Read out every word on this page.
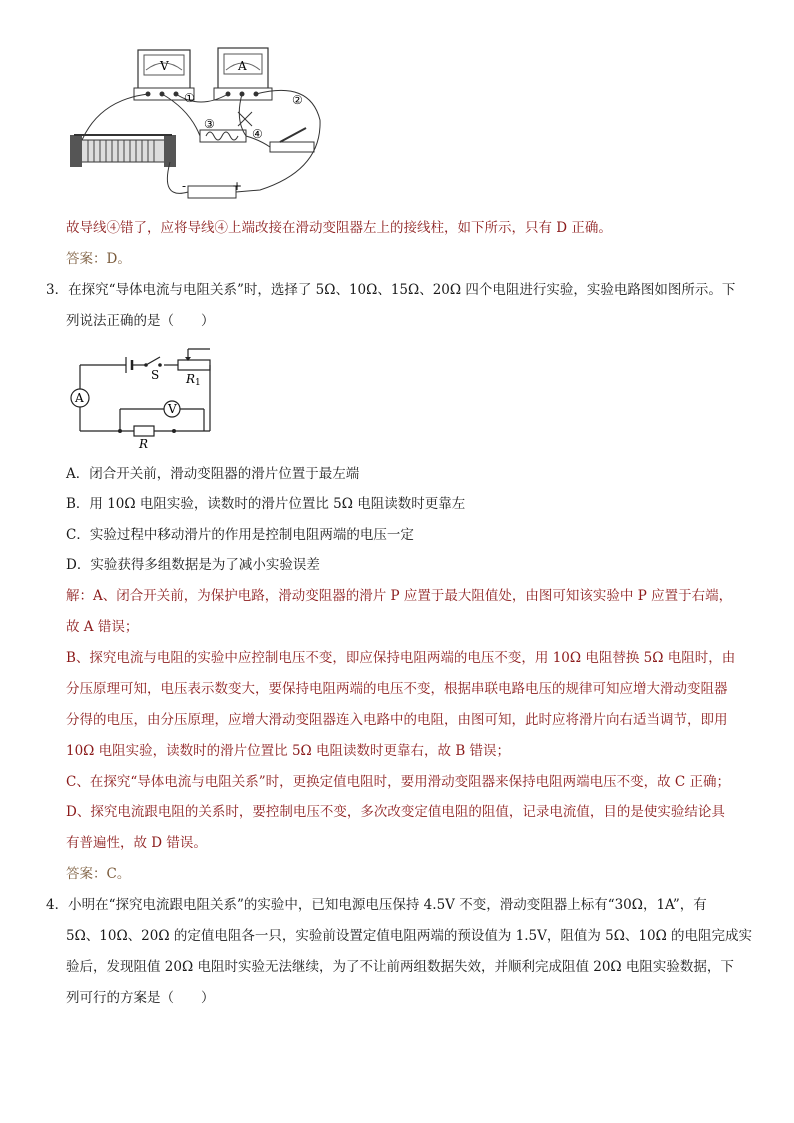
V	A
-	+
①	②
③
④
故导线④错了，应将导线④上端改接在滑动变阻器左上的接线柱，如下所示，只有 D 正确。
答案：D。
3．在探究“导体电流与电阻关系”时，选择了 5Ω、10Ω、15Ω、20Ω 四个电阻进行实验，实验电路图如图所示。下
列说法正确的是（　　）
A
V
S R 1
R
A．闭合开关前，滑动变阻器的滑片位置于最左端
B．用 10Ω 电阻实验，读数时的滑片位置比 5Ω 电阻读数时更靠左
C．实验过程中移动滑片的作用是控制电阻两端的电压一定
D．实验获得多组数据是为了减小实验误差
解：A、闭合开关前，为保护电路，滑动变阻器的滑片 P 应置于最大阻值处，由图可知该实验中 P 应置于右端，
故 A 错误；
B、探究电流与电阻的实验中应控制电压不变，即应保持电阻两端的电压不变，用 10Ω 电阻替换 5Ω 电阻时，由
分压原理可知，电压表示数变大，要保持电阻两端的电压不变，根据串联电路电压的规律可知应增大滑动变阻器
分得的电压，由分压原理，应增大滑动变阻器连入电路中的电阻，由图可知，此时应将滑片向右适当调节，即用
10Ω 电阻实验，读数时的滑片位置比 5Ω 电阻读数时更靠右，故 B 错误；
C、在探究“导体电流与电阻关系”时，更换定值电阻时，要用滑动变阻器来保持电阻两端电压不变，故 C 正确；
D、探究电流跟电阻的关系时，要控制电压不变，多次改变定值电阻的阻值，记录电流值，目的是使实验结论具
有普遍性，故 D 错误。
答案：C。
4．小明在“探究电流跟电阻关系”的实验中，已知电源电压保持 4.5V 不变，滑动变阻器上标有“30Ω，1A”，有
5Ω、10Ω、20Ω 的定值电阻各一只，实验前设置定值电阻两端的预设值为 1.5V，阻值为 5Ω、10Ω 的电阻完成实
验后，发现阻值 20Ω 电阻时实验无法继续，为了不让前两组数据失效，并顺利完成阻值 20Ω 电阻实验数据，下
列可行的方案是（　　）
